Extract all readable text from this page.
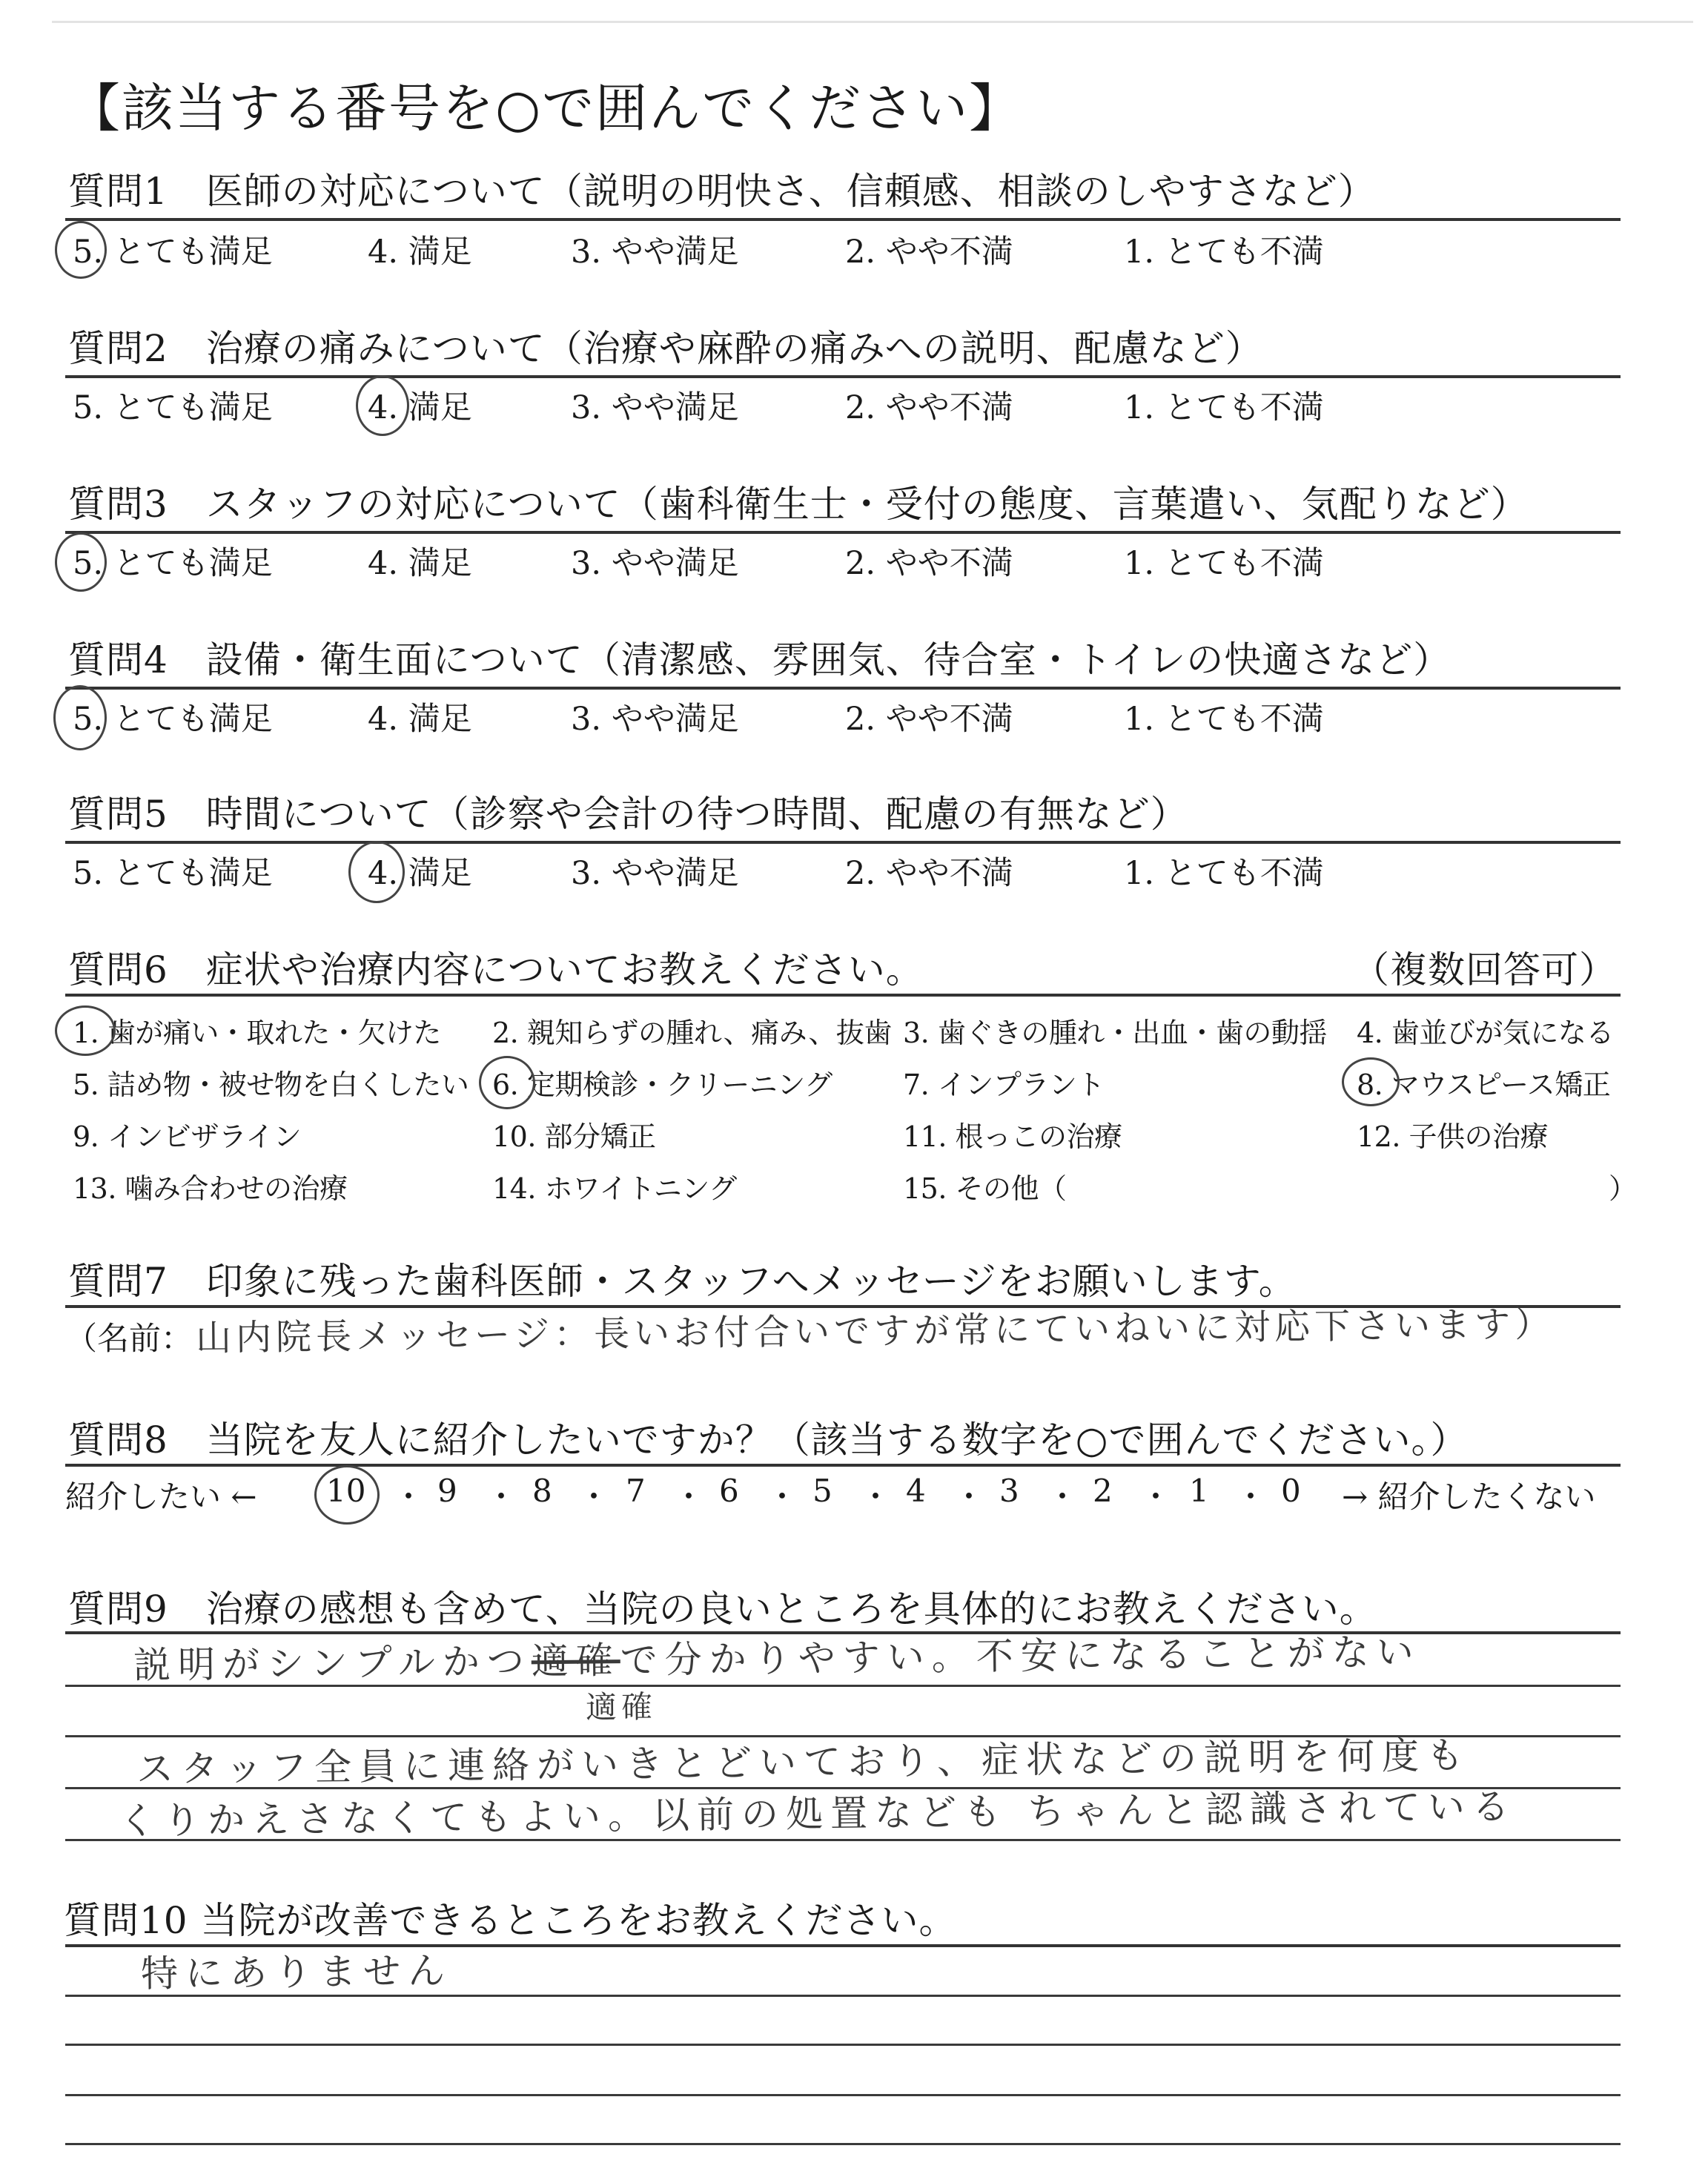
【該当する番号を○で囲んでください】
質問1　医師の対応について（説明の明快さ、信頼感、相談のしやすさなど）
5. とても満足	4. 満足	3. やや満足	2. やや不満	1. とても不満
質問2　治療の痛みについて（治療や麻酔の痛みへの説明、配慮など）
5. とても満足	4. 満足	3. やや満足	2. やや不満	1. とても不満
質問3　スタッフの対応について（歯科衛生士・受付の態度、言葉遣い、気配りなど）
5. とても満足	4. 満足	3. やや満足	2. やや不満	1. とても不満
質問4　設備・衛生面について（清潔感、雰囲気、待合室・トイレの快適さなど）
5. とても満足	4. 満足	3. やや満足	2. やや不満	1. とても不満
質問5　時間について（診察や会計の待つ時間、配慮の有無など）
5. とても満足	4. 満足	3. やや満足	2. やや不満	1. とても不満
質問6　症状や治療内容についてお教えください。	（複数回答可）
1. 歯が痛い・取れた・欠けた 2. 親知らずの腫れ、痛み、抜歯 3. 歯ぐきの腫れ・出血・歯の動揺 4. 歯並びが気になる
5. 詰め物・被せ物を白くしたい 6. 定期検診・クリーニング	7. インプラント	8. マウスピース矯正
9. インビザライン	10. 部分矯正	11. 根っこの治療	12. 子供の治療
13. 噛み合わせの治療	14. ホワイトニング	15. その他（	）
質問7　印象に残った歯科医師・スタッフへメッセージをお願いします。
（名前： 山内院長メッセージ：長いお付合いですが常にていねいに対応下さいます）
質問8　当院を友人に紹介したいですか？（該当する数字を○で囲んでください。）
紹介したい ← 10 ・ 9 ・ 8 ・ 7 ・ 6 ・ 5 ・ 4 ・ 3 ・ 2 ・ 1 ・ 0 → 紹介したくない
質問9　治療の感想も含めて、当院の良いところを具体的にお教えください。
説明がシンプルかつ適確で分かりやすい。不安になることがない
適確
スタッフ全員に連絡がいきとどいており、症状などの説明を何度も
くりかえさなくてもよい。以前の処置なども ちゃんと認識されている
質問10 当院が改善できるところをお教えください。
特にありません
